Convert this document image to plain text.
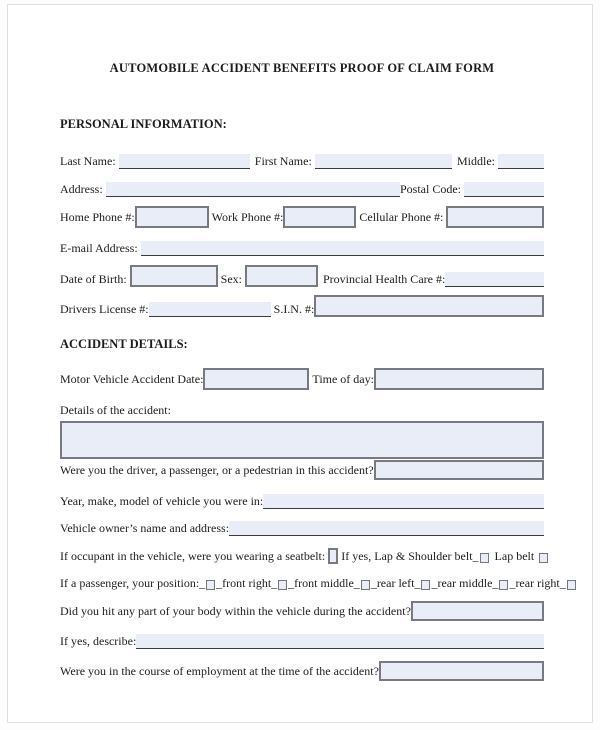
AUTOMOBILE ACCIDENT BENEFITS PROOF OF CLAIM FORM
PERSONAL INFORMATION:
Last Name:	First Name:	Middle:
Address:	Postal Code:
Home Phone #:	Work Phone #:	Cellular Phone #:
E-mail Address:
Date of Birth:	Sex:	Provincial Health Care #:
Drivers License #:	S.I.N. #:
ACCIDENT DETAILS:
Motor Vehicle Accident Date:	Time of day:
Details of the accident:
Were you the driver, a passenger, or a pedestrian in this accident?
Year, make, model of vehicle you were in:
Vehicle owner’s name and address:
If occupant in the vehicle, were you wearing a seatbelt: If yes, Lap & Shoulder belt_ Lap belt
If a passenger, your position:_ _front right_ _front middle_ _rear left_ _rear middle_ _rear right_
Did you hit any part of your body within the vehicle during the accident?
If yes, describe:
Were you in the course of employment at the time of the accident?
